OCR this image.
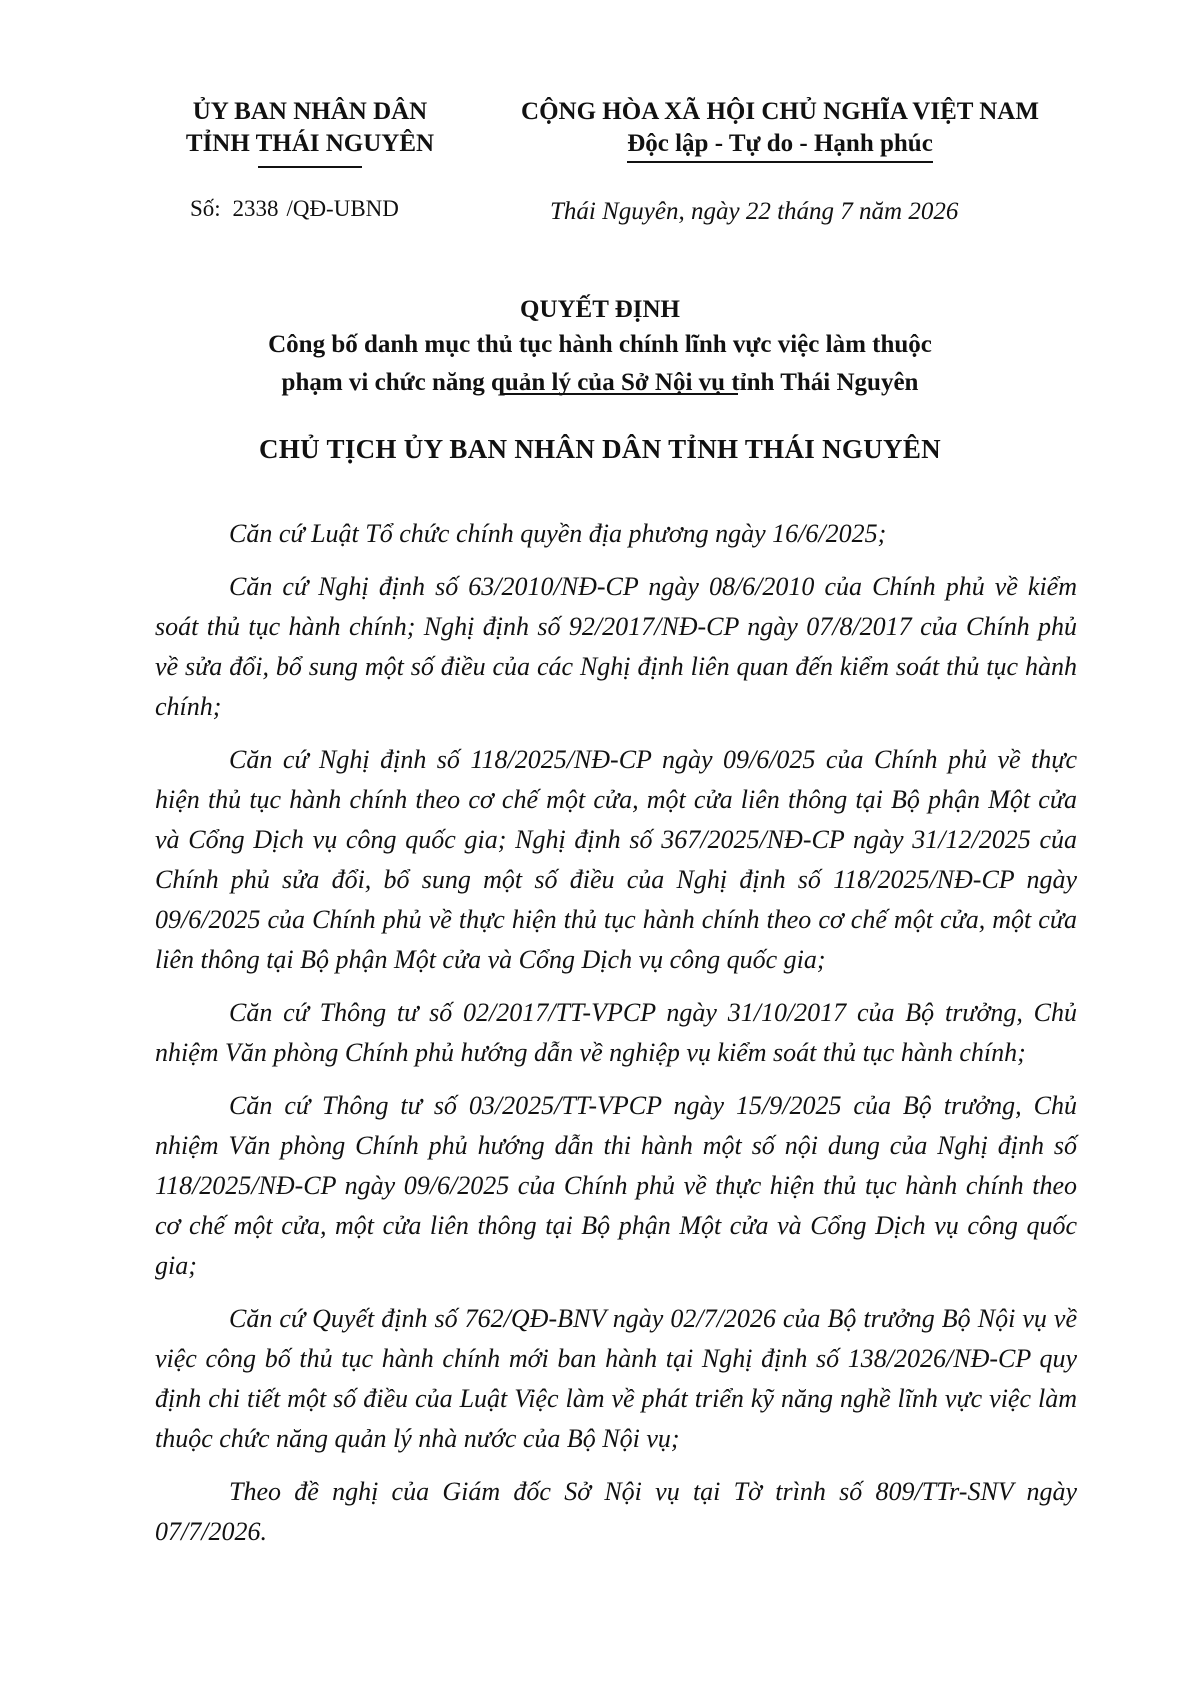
ỦY BAN NHÂN DÂN
TỈNH THÁI NGUYÊN
CỘNG HÒA XÃ HỘI CHỦ NGHĨA VIỆT NAM
Độc lập - Tự do - Hạnh phúc
Số: 2338 /QĐ-UBND	Thái Nguyên, ngày 22 tháng 7 năm 2026
QUYẾT ĐỊNH
Công bố danh mục thủ tục hành chính lĩnh vực việc làm thuộc
phạm vi chức năng quản lý của Sở Nội vụ tỉnh Thái Nguyên
CHỦ TỊCH ỦY BAN NHÂN DÂN TỈNH THÁI NGUYÊN

Căn cứ Luật Tổ chức chính quyền địa phương ngày 16/6/2025;

Căn cứ Nghị định số 63/2010/NĐ-CP ngày 08/6/2010 của Chính phủ về kiểm soát thủ tục hành chính; Nghị định số 92/2017/NĐ-CP ngày 07/8/2017 của Chính phủ về sửa đổi, bổ sung một số điều của các Nghị định liên quan đến kiểm soát thủ tục hành chính;

Căn cứ Nghị định số 118/2025/NĐ-CP ngày 09/6/025 của Chính phủ về thực hiện thủ tục hành chính theo cơ chế một cửa, một cửa liên thông tại Bộ phận Một cửa và Cổng Dịch vụ công quốc gia; Nghị định số 367/2025/NĐ-CP ngày 31/12/2025 của Chính phủ sửa đổi, bổ sung một số điều của Nghị định số 118/2025/NĐ-CP ngày 09/6/2025 của Chính phủ về thực hiện thủ tục hành chính theo cơ chế một cửa, một cửa liên thông tại Bộ phận Một cửa và Cổng Dịch vụ công quốc gia;

Căn cứ Thông tư số 02/2017/TT-VPCP ngày 31/10/2017 của Bộ trưởng, Chủ nhiệm Văn phòng Chính phủ hướng dẫn về nghiệp vụ kiểm soát thủ tục hành chính;

Căn cứ Thông tư số 03/2025/TT-VPCP ngày 15/9/2025 của Bộ trưởng, Chủ nhiệm Văn phòng Chính phủ hướng dẫn thi hành một số nội dung của Nghị định số 118/2025/NĐ-CP ngày 09/6/2025 của Chính phủ về thực hiện thủ tục hành chính theo cơ chế một cửa, một cửa liên thông tại Bộ phận Một cửa và Cổng Dịch vụ công quốc gia;

Căn cứ Quyết định số 762/QĐ-BNV ngày 02/7/2026 của Bộ trưởng Bộ Nội vụ về việc công bố thủ tục hành chính mới ban hành tại Nghị định số 138/2026/NĐ-CP quy định chi tiết một số điều của Luật Việc làm về phát triển kỹ năng nghề lĩnh vực việc làm thuộc chức năng quản lý nhà nước của Bộ Nội vụ;

Theo đề nghị của Giám đốc Sở Nội vụ tại Tờ trình số 809/TTr-SNV ngày 07/7/2026.
